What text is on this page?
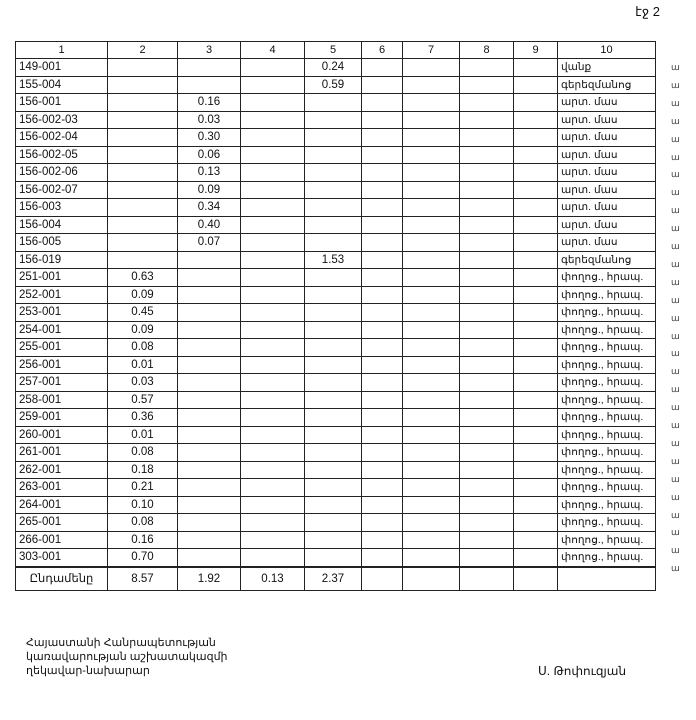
էջ 2
1	2	3	4	5	6	7	8	9	10
149-001				0.24					վանք
155-004				0.59					գերեզմանոց
156-001		0.16							արտ. մաս
156-002-03		0.03							արտ. մաս
156-002-04		0.30							արտ. մաս
156-002-05		0.06							արտ. մաս
156-002-06		0.13							արտ. մաս
156-002-07		0.09							արտ. մաս
156-003		0.34							արտ. մաս
156-004		0.40							արտ. մաս
156-005		0.07							արտ. մաս
156-019				1.53					գերեզմանոց
251-001	0.63								փողոց., հրապ.
252-001	0.09								փողոց., հրապ.
253-001	0.45								փողոց., հրապ.
254-001	0.09								փողոց., հրապ.
255-001	0.08								փողոց., հրապ.
256-001	0.01								փողոց., հրապ.
257-001	0.03								փողոց., հրապ.
258-001	0.57								փողոց., հրապ.
259-001	0.36								փողոց., հրապ.
260-001	0.01								փողոց., հրապ.
261-001	0.08								փողոց., հրապ.
262-001	0.18								փողոց., հրապ.
263-001	0.21								փողոց., հրապ.
264-001	0.10								փողոց., հրապ.
265-001	0.08								փողոց., հրապ.
266-001	0.16								փողոց., հրապ.
303-001	0.70								փողոց., հրապ.
Ընդամենը	8.57	1.92	0.13	2.37					
Հայաստանի Հանրապետության
կառավարության աշխատակազմի
ղեկավար-նախարար	Ս. Թոփուզյան
ա
ա
ա
ա
ա
ա
ա
ա
ա
ա
ա
ա
ա
ա
ա
ա
ա
ա
ա
ա
ա
ա
ա
ա
ա
ա
ա
ա
ա
